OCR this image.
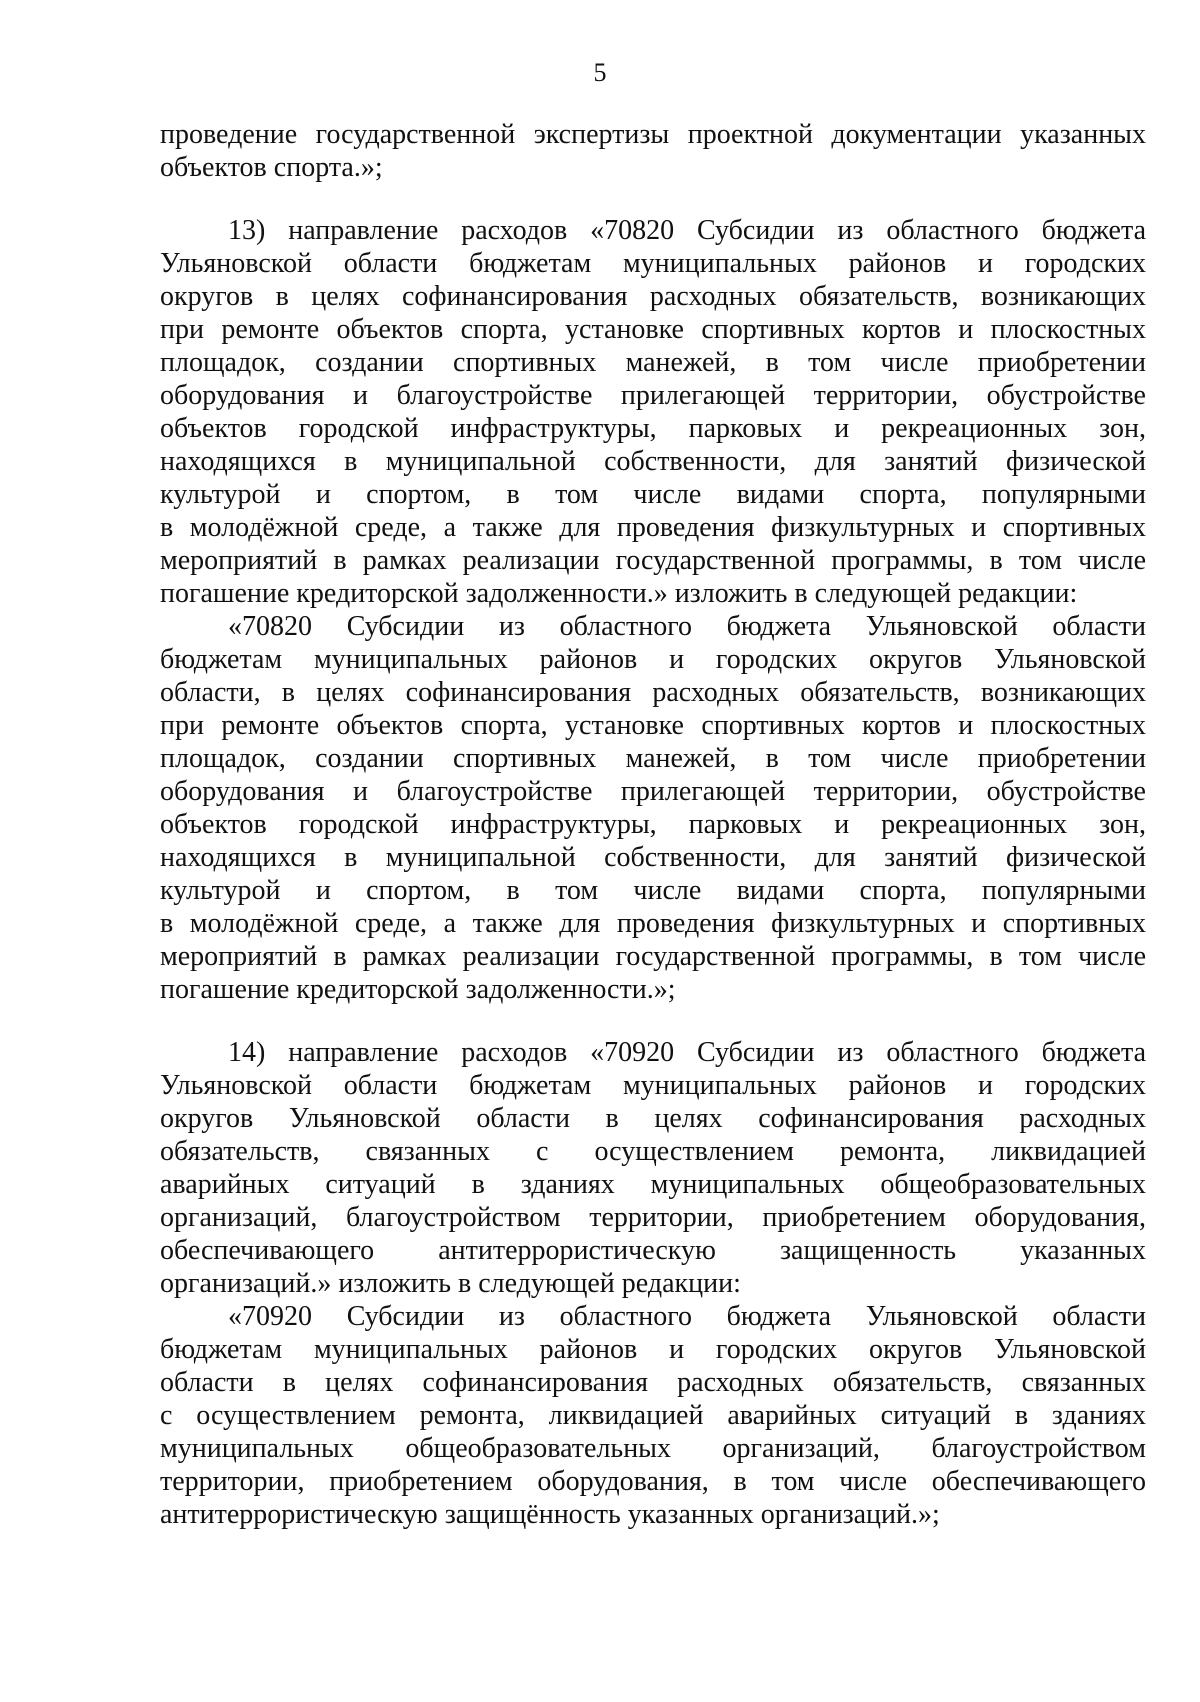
5
проведение государственной экспертизы проектной документации указанных
объектов спорта.»;
13) направление расходов «70820 Субсидии из областного бюджета
Ульяновской области бюджетам муниципальных районов и городских
округов в целях софинансирования расходных обязательств, возникающих
при ремонте объектов спорта, установке спортивных кортов и плоскостных
площадок, создании спортивных манежей, в том числе приобретении
оборудования и благоустройстве прилегающей территории, обустройстве
объектов городской инфраструктуры, парковых и рекреационных зон,
находящихся в муниципальной собственности, для занятий физической
культурой и спортом, в том числе видами спорта, популярными
в молодёжной среде, а также для проведения физкультурных и спортивных
мероприятий в рамках реализации государственной программы, в том числе
погашение кредиторской задолженности.» изложить в следующей редакции:
«70820 Субсидии из областного бюджета Ульяновской области
бюджетам муниципальных районов и городских округов Ульяновской
области, в целях софинансирования расходных обязательств, возникающих
при ремонте объектов спорта, установке спортивных кортов и плоскостных
площадок, создании спортивных манежей, в том числе приобретении
оборудования и благоустройстве прилегающей территории, обустройстве
объектов городской инфраструктуры, парковых и рекреационных зон,
находящихся в муниципальной собственности, для занятий физической
культурой и спортом, в том числе видами спорта, популярными
в молодёжной среде, а также для проведения физкультурных и спортивных
мероприятий в рамках реализации государственной программы, в том числе
погашение кредиторской задолженности.»;
14) направление расходов «70920 Субсидии из областного бюджета
Ульяновской области бюджетам муниципальных районов и городских
округов Ульяновской области в целях софинансирования расходных
обязательств, связанных с осуществлением ремонта, ликвидацией
аварийных ситуаций в зданиях муниципальных общеобразовательных
организаций, благоустройством территории, приобретением оборудования,
обеспечивающего антитеррористическую защищенность указанных
организаций.» изложить в следующей редакции:
«70920 Субсидии из областного бюджета Ульяновской области
бюджетам муниципальных районов и городских округов Ульяновской
области в целях софинансирования расходных обязательств, связанных
с осуществлением ремонта, ликвидацией аварийных ситуаций в зданиях
муниципальных общеобразовательных организаций, благоустройством
территории, приобретением оборудования, в том числе обеспечивающего
антитеррористическую защищённость указанных организаций.»;
